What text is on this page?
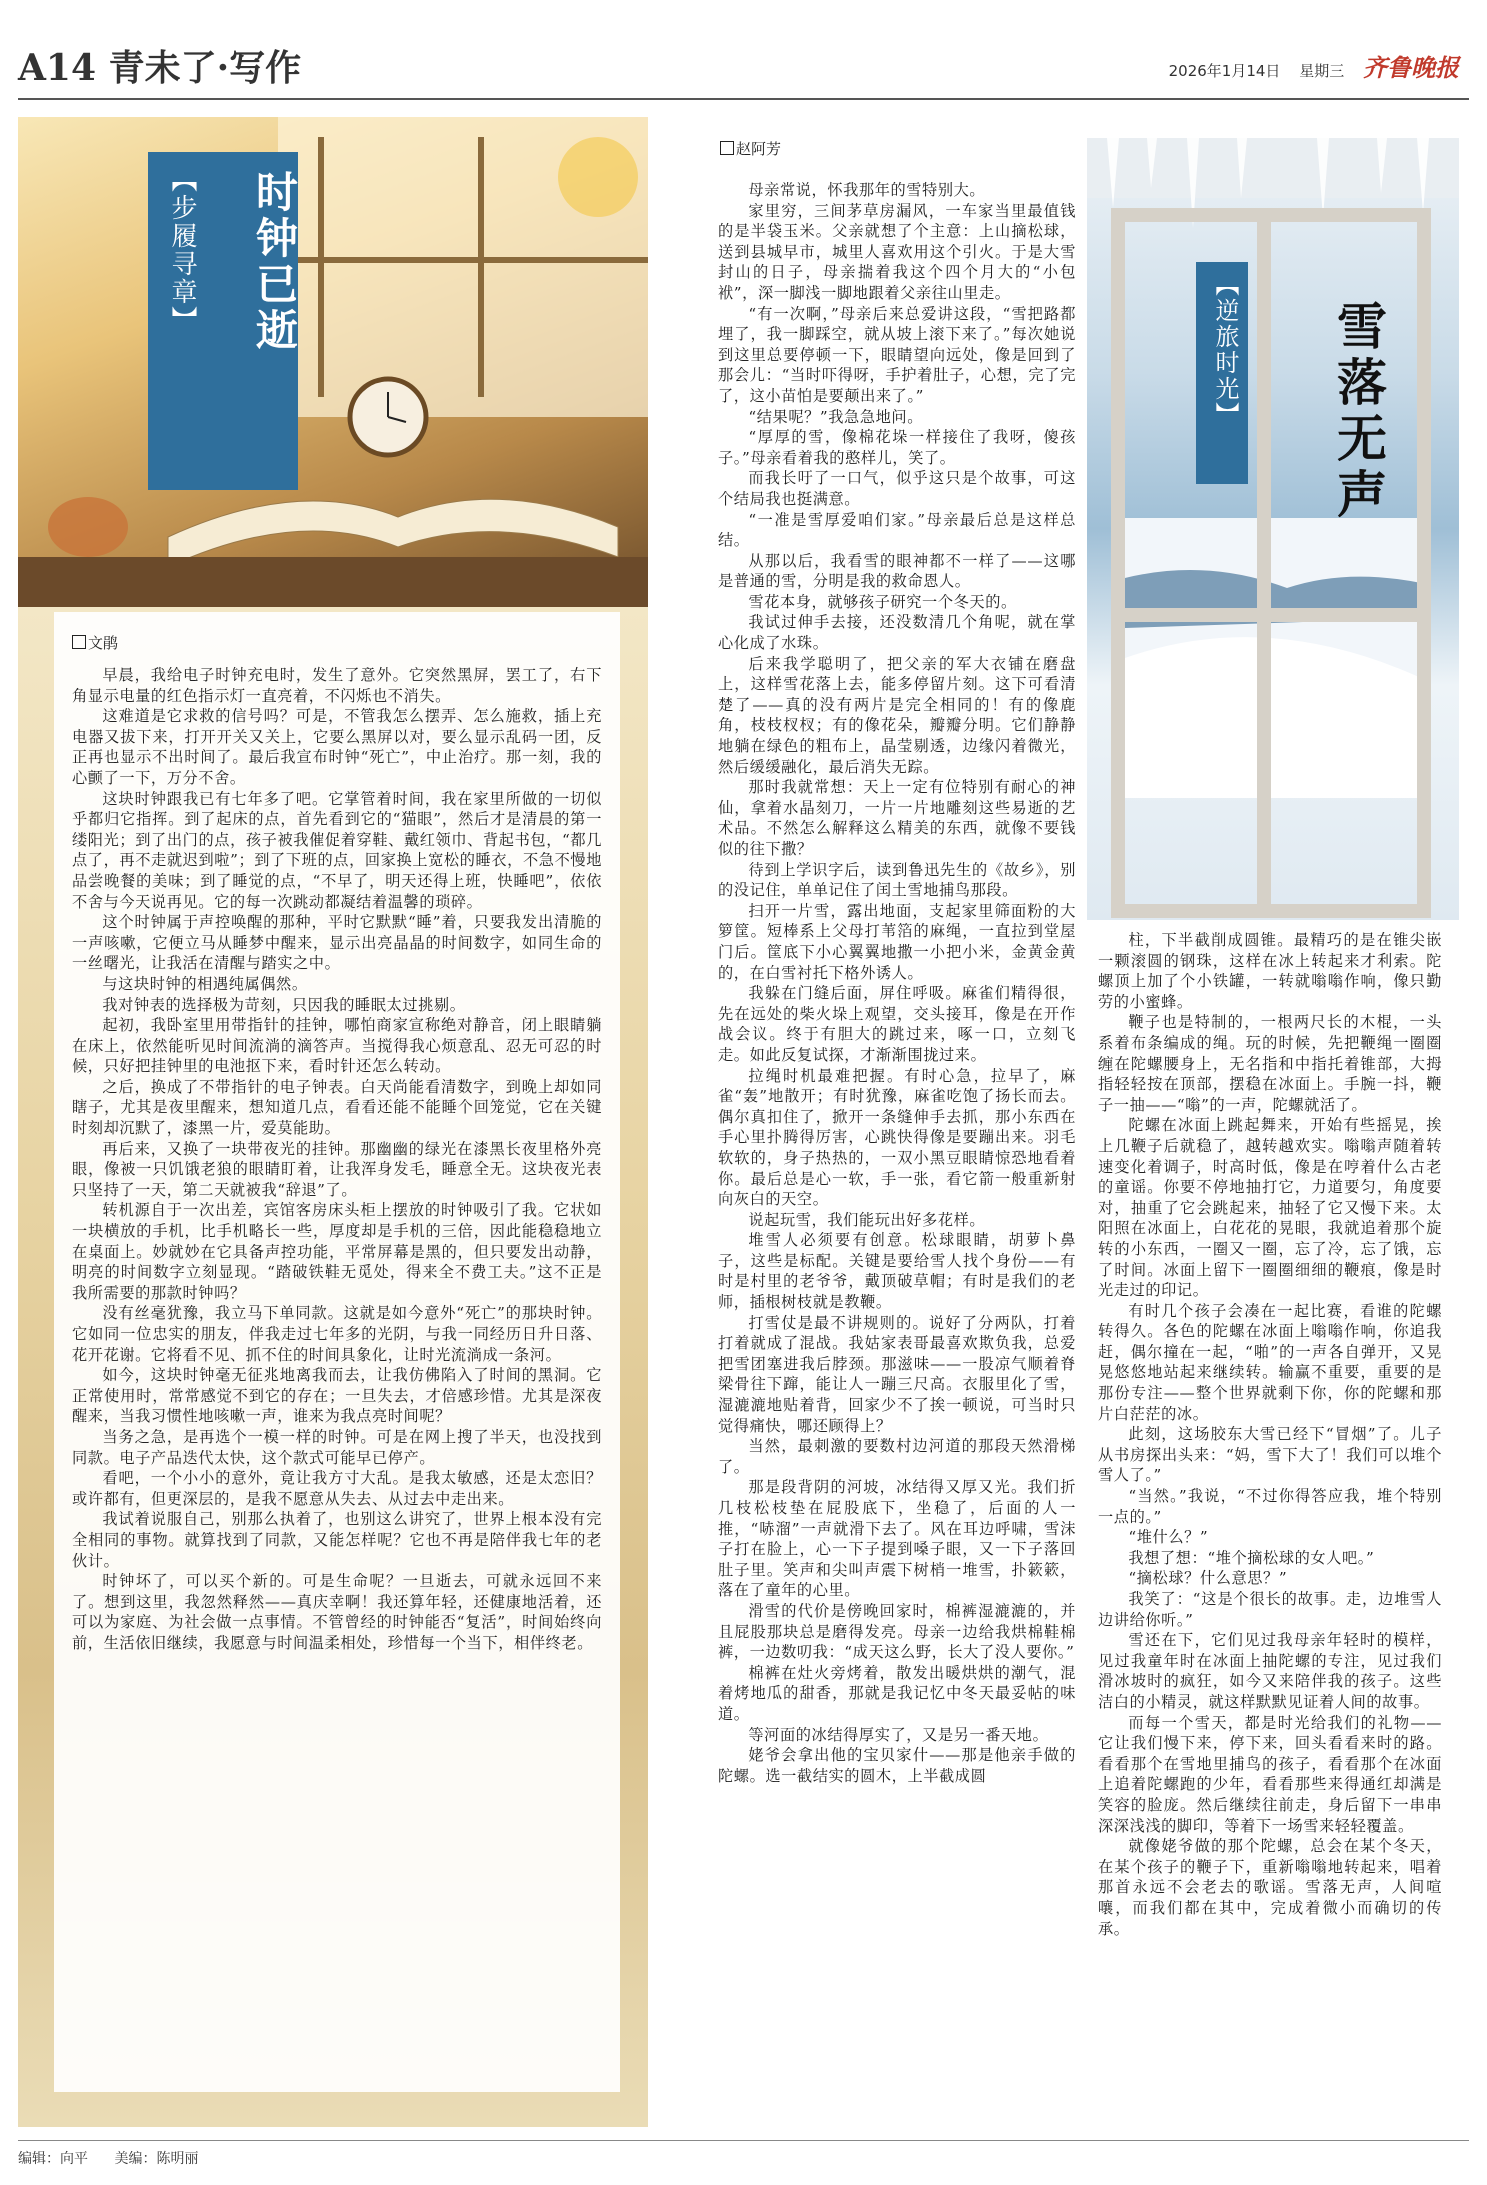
A14 青未了·写作	2026年1月14日 星期三 齐鲁晚报
时钟已逝
【步履寻章】
文鹃

早晨，我给电子时钟充电时，发生了意外。它突然黑屏，罢工了，右下角显示电量的红色指示灯一直亮着，不闪烁也不消失。

这难道是它求救的信号吗？可是，不管我怎么摆弄、怎么施救，插上充电器又拔下来，打开开关又关上，它要么黑屏以对，要么显示乱码一团，反正再也显示不出时间了。最后我宣布时钟“死亡”，中止治疗。那一刻，我的心颤了一下，万分不舍。

这块时钟跟我已有七年多了吧。它掌管着时间，我在家里所做的一切似乎都归它指挥。到了起床的点，首先看到它的“猫眼”，然后才是清晨的第一缕阳光；到了出门的点，孩子被我催促着穿鞋、戴红领巾、背起书包，“都几点了，再不走就迟到啦”；到了下班的点，回家换上宽松的睡衣，不急不慢地品尝晚餐的美味；到了睡觉的点，“不早了，明天还得上班，快睡吧”，依依不舍与今天说再见。它的每一次跳动都凝结着温馨的琐碎。

这个时钟属于声控唤醒的那种，平时它默默“睡”着，只要我发出清脆的一声咳嗽，它便立马从睡梦中醒来，显示出亮晶晶的时间数字，如同生命的一丝曙光，让我活在清醒与踏实之中。

与这块时钟的相遇纯属偶然。

我对钟表的选择极为苛刻，只因我的睡眠太过挑剔。

起初，我卧室里用带指针的挂钟，哪怕商家宣称绝对静音，闭上眼睛躺在床上，依然能听见时间流淌的滴答声。当搅得我心烦意乱、忍无可忍的时候，只好把挂钟里的电池抠下来，看时针还怎么转动。

之后，换成了不带指针的电子钟表。白天尚能看清数字，到晚上却如同瞎子，尤其是夜里醒来，想知道几点，看看还能不能睡个回笼觉，它在关键时刻却沉默了，漆黑一片，爱莫能助。

再后来，又换了一块带夜光的挂钟。那幽幽的绿光在漆黑长夜里格外亮眼，像被一只饥饿老狼的眼睛盯着，让我浑身发毛，睡意全无。这块夜光表只坚持了一天，第二天就被我“辞退”了。

转机源自于一次出差，宾馆客房床头柜上摆放的时钟吸引了我。它状如一块横放的手机，比手机略长一些，厚度却是手机的三倍，因此能稳稳地立在桌面上。妙就妙在它具备声控功能，平常屏幕是黑的，但只要发出动静，明亮的时间数字立刻显现。“踏破铁鞋无觅处，得来全不费工夫。”这不正是我所需要的那款时钟吗？

没有丝毫犹豫，我立马下单同款。这就是如今意外“死亡”的那块时钟。它如同一位忠实的朋友，伴我走过七年多的光阴，与我一同经历日升日落、花开花谢。它将看不见、抓不住的时间具象化，让时光流淌成一条河。

如今，这块时钟毫无征兆地离我而去，让我仿佛陷入了时间的黑洞。它正常使用时，常常感觉不到它的存在；一旦失去，才倍感珍惜。尤其是深夜醒来，当我习惯性地咳嗽一声，谁来为我点亮时间呢？

当务之急，是再选个一模一样的时钟。可是在网上搜了半天，也没找到同款。电子产品迭代太快，这个款式可能早已停产。

看吧，一个小小的意外，竟让我方寸大乱。是我太敏感，还是太恋旧？或许都有，但更深层的，是我不愿意从失去、从过去中走出来。

我试着说服自己，别那么执着了，也别这么讲究了，世界上根本没有完全相同的事物。就算找到了同款，又能怎样呢？它也不再是陪伴我七年的老伙计。

时钟坏了，可以买个新的。可是生命呢？一旦逝去，可就永远回不来了。想到这里，我忽然释然——真庆幸啊！我还算年轻，还健康地活着，还可以为家庭、为社会做一点事情。不管曾经的时钟能否“复活”，时间始终向前，生活依旧继续，我愿意与时间温柔相处，珍惜每一个当下，相伴终老。

赵阿芳

母亲常说，怀我那年的雪特别大。

家里穷，三间茅草房漏风，一车家当里最值钱的是半袋玉米。父亲就想了个主意：上山摘松球，送到县城早市，城里人喜欢用这个引火。于是大雪封山的日子，母亲揣着我这个四个月大的“小包袱”，深一脚浅一脚地跟着父亲往山里走。

“有一次啊，”母亲后来总爱讲这段，“雪把路都埋了，我一脚踩空，就从坡上滚下来了。”每次她说到这里总要停顿一下，眼睛望向远处，像是回到了那会儿：“当时吓得呀，手护着肚子，心想，完了完了，这小苗怕是要颠出来了。”

“结果呢？”我急急地问。

“厚厚的雪，像棉花垛一样接住了我呀，傻孩子。”母亲看着我的憨样儿，笑了。

而我长吁了一口气，似乎这只是个故事，可这个结局我也挺满意。

“一准是雪厚爱咱们家。”母亲最后总是这样总结。

从那以后，我看雪的眼神都不一样了——这哪是普通的雪，分明是我的救命恩人。

雪花本身，就够孩子研究一个冬天的。

我试过伸手去接，还没数清几个角呢，就在掌心化成了水珠。

后来我学聪明了，把父亲的军大衣铺在磨盘上，这样雪花落上去，能多停留片刻。这下可看清楚了——真的没有两片是完全相同的！有的像鹿角，枝枝杈杈；有的像花朵，瓣瓣分明。它们静静地躺在绿色的粗布上，晶莹剔透，边缘闪着微光，然后缓缓融化，最后消失无踪。

那时我就常想：天上一定有位特别有耐心的神仙，拿着水晶刻刀，一片一片地雕刻这些易逝的艺术品。不然怎么解释这么精美的东西，就像不要钱似的往下撒？

待到上学识字后，读到鲁迅先生的《故乡》，别的没记住，单单记住了闰土雪地捕鸟那段。

扫开一片雪，露出地面，支起家里筛面粉的大箩筐。短棒系上父母打苇箔的麻绳，一直拉到堂屋门后。筐底下小心翼翼地撒一小把小米，金黄金黄的，在白雪衬托下格外诱人。

我躲在门缝后面，屏住呼吸。麻雀们精得很，先在远处的柴火垛上观望，交头接耳，像是在开作战会议。终于有胆大的跳过来，啄一口，立刻飞走。如此反复试探，才渐渐围拢过来。

拉绳时机最难把握。有时心急，拉早了，麻雀“轰”地散开；有时犹豫，麻雀吃饱了扬长而去。偶尔真扣住了，掀开一条缝伸手去抓，那小东西在手心里扑腾得厉害，心跳快得像是要蹦出来。羽毛软软的，身子热热的，一双小黑豆眼睛惊恐地看着你。最后总是心一软，手一张，看它箭一般重新射向灰白的天空。

说起玩雪，我们能玩出好多花样。

堆雪人必须要有创意。松球眼睛，胡萝卜鼻子，这些是标配。关键是要给雪人找个身份——有时是村里的老爷爷，戴顶破草帽；有时是我们的老师，插根树枝就是教鞭。

打雪仗是最不讲规则的。说好了分两队，打着打着就成了混战。我姑家表哥最喜欢欺负我，总爱把雪团塞进我后脖颈。那滋味——一股凉气顺着脊梁骨往下蹿，能让人一蹦三尺高。衣服里化了雪，湿漉漉地贴着背，回家少不了挨一顿说，可当时只觉得痛快，哪还顾得上？

当然，最刺激的要数村边河道的那段天然滑梯了。

那是段背阴的河坡，冰结得又厚又光。我们折几枝松枝垫在屁股底下，坐稳了，后面的人一推，“哧溜”一声就滑下去了。风在耳边呼啸，雪沫子打在脸上，心一下子提到嗓子眼，又一下子落回肚子里。笑声和尖叫声震下树梢一堆雪，扑簌簌，落在了童年的心里。

滑雪的代价是傍晚回家时，棉裤湿漉漉的，并且屁股那块总是磨得发亮。母亲一边给我烘棉鞋棉裤，一边数叨我：“成天这么野，长大了没人要你。”

棉裤在灶火旁烤着，散发出暖烘烘的潮气，混着烤地瓜的甜香，那就是我记忆中冬天最妥帖的味道。

等河面的冰结得厚实了，又是另一番天地。

姥爷会拿出他的宝贝家什——那是他亲手做的陀螺。选一截结实的圆木，上半截成圆

【逆旅时光】 雪落无声

柱，下半截削成圆锥。最精巧的是在锥尖嵌一颗滚圆的钢珠，这样在冰上转起来才利索。陀螺顶上加了个小铁罐，一转就嗡嗡作响，像只勤劳的小蜜蜂。

鞭子也是特制的，一根两尺长的木棍，一头系着布条编成的绳。玩的时候，先把鞭绳一圈圈缠在陀螺腰身上，无名指和中指托着锥部，大拇指轻轻按在顶部，摆稳在冰面上。手腕一抖，鞭子一抽——“嗡”的一声，陀螺就活了。

陀螺在冰面上跳起舞来，开始有些摇晃，挨上几鞭子后就稳了，越转越欢实。嗡嗡声随着转速变化着调子，时高时低，像是在哼着什么古老的童谣。你要不停地抽打它，力道要匀，角度要对，抽重了它会跳起来，抽轻了它又慢下来。太阳照在冰面上，白花花的晃眼，我就追着那个旋转的小东西，一圈又一圈，忘了冷，忘了饿，忘了时间。冰面上留下一圈圈细细的鞭痕，像是时光走过的印记。

有时几个孩子会凑在一起比赛，看谁的陀螺转得久。各色的陀螺在冰面上嗡嗡作响，你追我赶，偶尔撞在一起，“啪”的一声各自弹开，又晃晃悠悠地站起来继续转。输赢不重要，重要的是那份专注——整个世界就剩下你，你的陀螺和那片白茫茫的冰。

此刻，这场胶东大雪已经下“冒烟”了。儿子从书房探出头来：“妈，雪下大了！我们可以堆个雪人了。”

“当然。”我说，“不过你得答应我，堆个特别一点的。”

“堆什么？”

我想了想：“堆个摘松球的女人吧。”

“摘松球？什么意思？”

我笑了：“这是个很长的故事。走，边堆雪人边讲给你听。”

雪还在下，它们见过我母亲年轻时的模样，见过我童年时在冰面上抽陀螺的专注，见过我们滑冰坡时的疯狂，如今又来陪伴我的孩子。这些洁白的小精灵，就这样默默见证着人间的故事。

而每一个雪天，都是时光给我们的礼物——它让我们慢下来，停下来，回头看看来时的路。看看那个在雪地里捕鸟的孩子，看看那个在冰面上追着陀螺跑的少年，看看那些来得通红却满是笑容的脸庞。然后继续往前走，身后留下一串串深深浅浅的脚印，等着下一场雪来轻轻覆盖。

就像姥爷做的那个陀螺，总会在某个冬天，在某个孩子的鞭子下，重新嗡嗡地转起来，唱着那首永远不会老去的歌谣。雪落无声，人间喧嚷，而我们都在其中，完成着微小而确切的传承。

编辑：向平 美编：陈明丽
